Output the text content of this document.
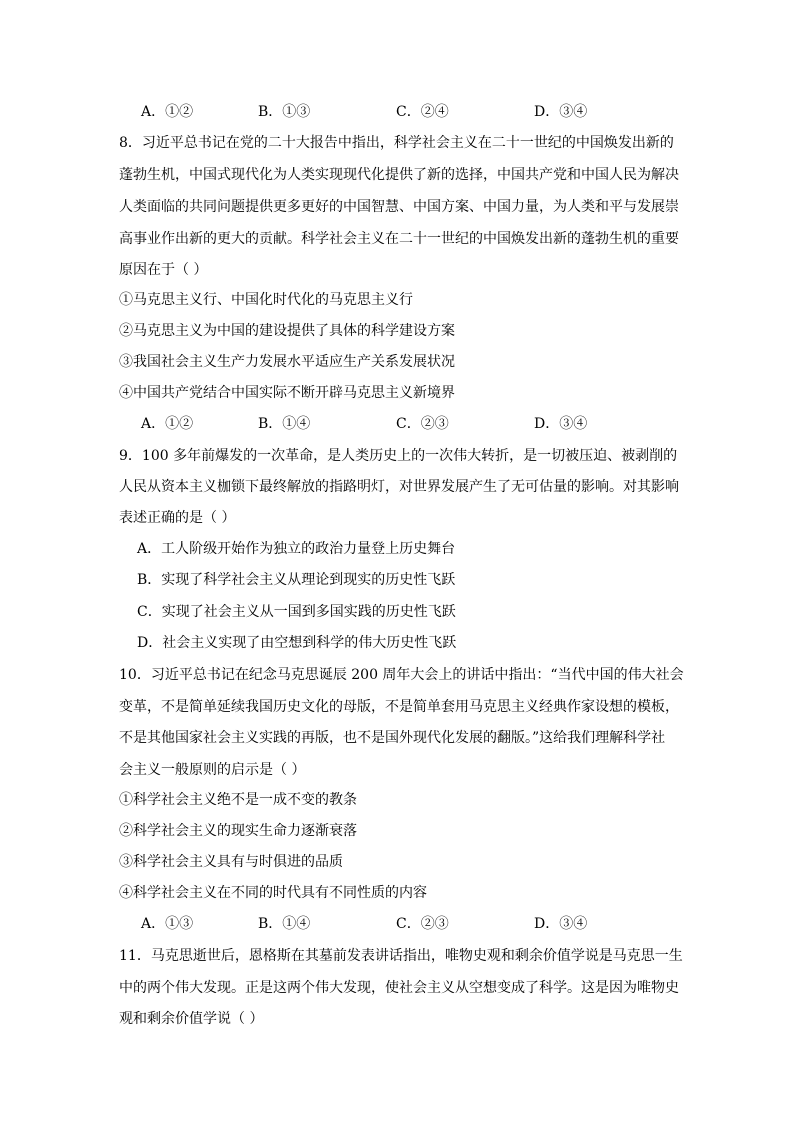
A．①②	B．①③	C．②④	D．③④
8．习近平总书记在党的二十大报告中指出，科学社会主义在二十一世纪的中国焕发出新的
蓬勃生机，中国式现代化为人类实现现代化提供了新的选择，中国共产党和中国人民为解决
人类面临的共同问题提供更多更好的中国智慧、中国方案、中国力量，为人类和平与发展崇
高事业作出新的更大的贡献。科学社会主义在二十一世纪的中国焕发出新的蓬勃生机的重要
原因在于（ ）
①马克思主义行、中国化时代化的马克思主义行
②马克思主义为中国的建设提供了具体的科学建设方案
③我国社会主义生产力发展水平适应生产关系发展状况
④中国共产党结合中国实际不断开辟马克思主义新境界
A．①②	B．①④	C．②③	D．③④
9．100 多年前爆发的一次革命，是人类历史上的一次伟大转折，是一切被压迫、被剥削的
人民从资本主义枷锁下最终解放的指路明灯，对世界发展产生了无可估量的影响。对其影响
表述正确的是（ ）
A．工人阶级开始作为独立的政治力量登上历史舞台
B．实现了科学社会主义从理论到现实的历史性飞跃
C．实现了社会主义从一国到多国实践的历史性飞跃
D．社会主义实现了由空想到科学的伟大历史性飞跃
10．习近平总书记在纪念马克思诞辰 200 周年大会上的讲话中指出：“当代中国的伟大社会
变革，不是简单延续我国历史文化的母版，不是简单套用马克思主义经典作家设想的模板，
不是其他国家社会主义实践的再版，也不是国外现代化发展的翻版。”这给我们理解科学社
会主义一般原则的启示是（ ）
①科学社会主义绝不是一成不变的教条
②科学社会主义的现实生命力逐渐衰落
③科学社会主义具有与时俱进的品质
④科学社会主义在不同的时代具有不同性质的内容
A．①③	B．①④	C．②③	D．③④
11．马克思逝世后，恩格斯在其墓前发表讲话指出，唯物史观和剩余价值学说是马克思一生
中的两个伟大发现。正是这两个伟大发现，使社会主义从空想变成了科学。这是因为唯物史
观和剩余价值学说（ ）
